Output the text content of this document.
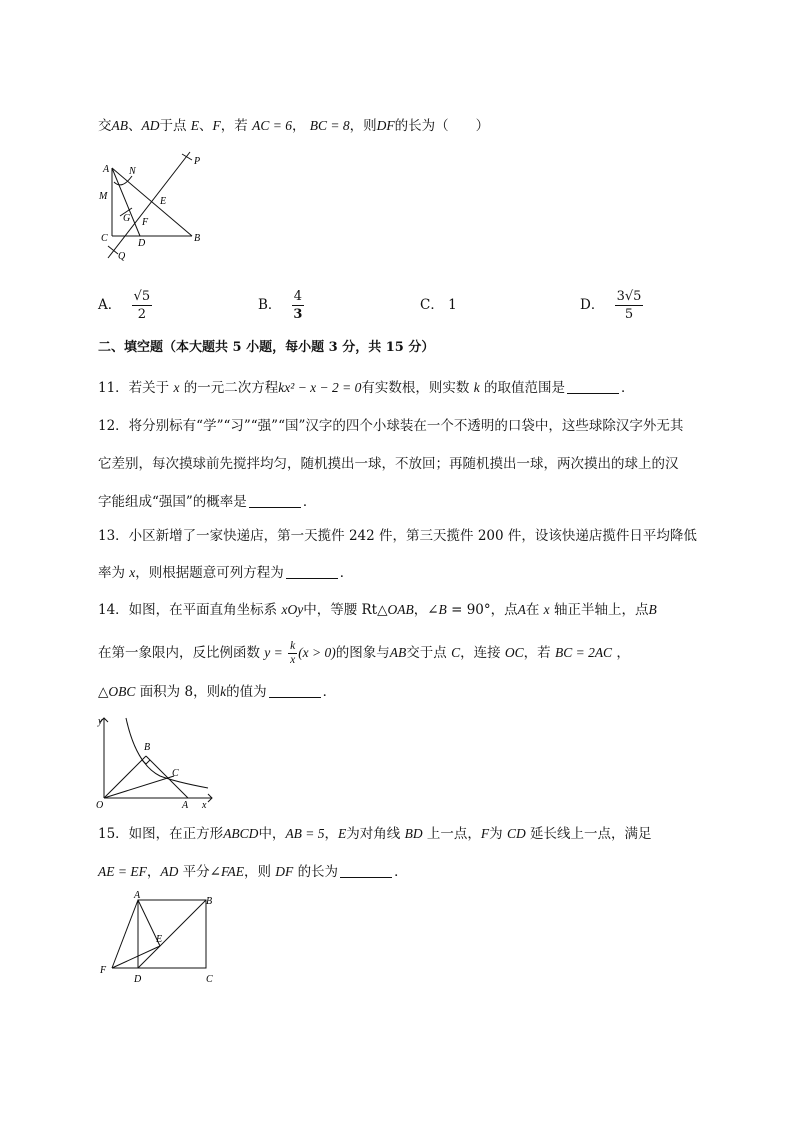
交AB、AD于点 E、F，若 AC = 6， BC = 8，则DF的长为（　　）
A N
P
M	E
G F
C	D	B
Q
A． $\frac{√5}{2}$	B． $\frac{4}{3}$	C． 1	D． $\frac{3√5}{5}$
二、填空题（本大题共 5 小题，每小题 3 分，共 15 分）
11．若关于 x 的一元二次方程kx² − x − 2 = 0有实数根，则实数 k 的取值范围是	．
12．将分别标有“学”“习”“强”“国”汉字的四个小球装在一个不透明的口袋中，这些球除汉字外无其
它差别，每次摸球前先搅拌均匀，随机摸出一球，不放回；再随机摸出一球，两次摸出的球上的汉
字能组成“强国”的概率是	．
13．小区新增了一家快递店，第一天揽件 242 件，第三天揽件 200 件，设该快递店揽件日平均降低
率为 x，则根据题意可列方程为	．
14．如图，在平面直角坐标系 xOy中，等腰 Rt△OAB，∠B = 90°，点A在 x 轴正半轴上，点B
在第一象限内，反比例函数 $y = \frac{k}{x} (x > 0)$的图象与AB交于点 C，连接 OC，若 BC = 2AC ，
△OBC 面积为 8，则k的值为	．
y
B
C
O	A x
15．如图，在正方形ABCD中，AB = 5，E为对角线 BD 上一点，F为 CD 延长线上一点，满足
AE = EF，AD 平分∠FAE，则 DF 的长为	．
A
B
E
F
D	C
